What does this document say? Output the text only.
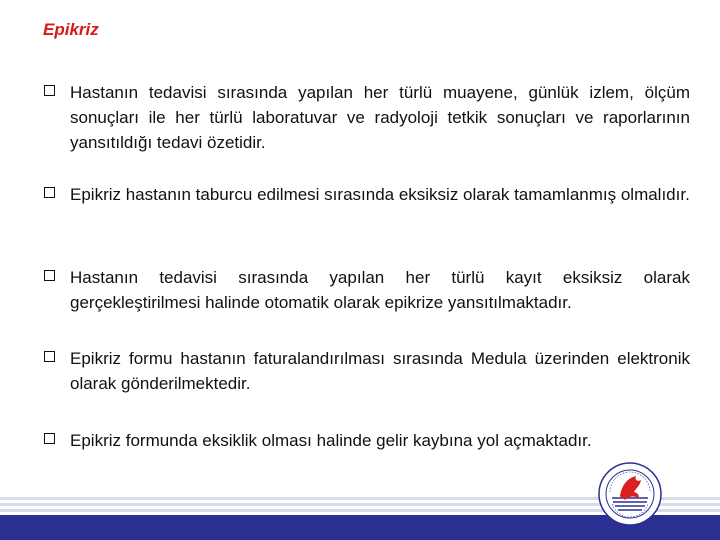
Epikriz
Hastanın tedavisi sırasında yapılan her türlü muayene, günlük izlem, ölçüm sonuçları ile her türlü laboratuvar ve radyoloji tetkik sonuçları ve raporlarının yansıtıldığı tedavi özetidir.
Epikriz hastanın taburcu edilmesi sırasında eksiksiz olarak tamamlanmış olmalıdır.
Hastanın tedavisi sırasında yapılan her türlü kayıt eksiksiz olarak gerçekleştirilmesi halinde otomatik olarak epikrize yansıtılmaktadır.
Epikriz formu hastanın faturalandırılması sırasında Medula üzerinden elektronik olarak gönderilmektedir.
Epikriz formunda eksiklik olması halinde gelir kaybına yol açmaktadır.
